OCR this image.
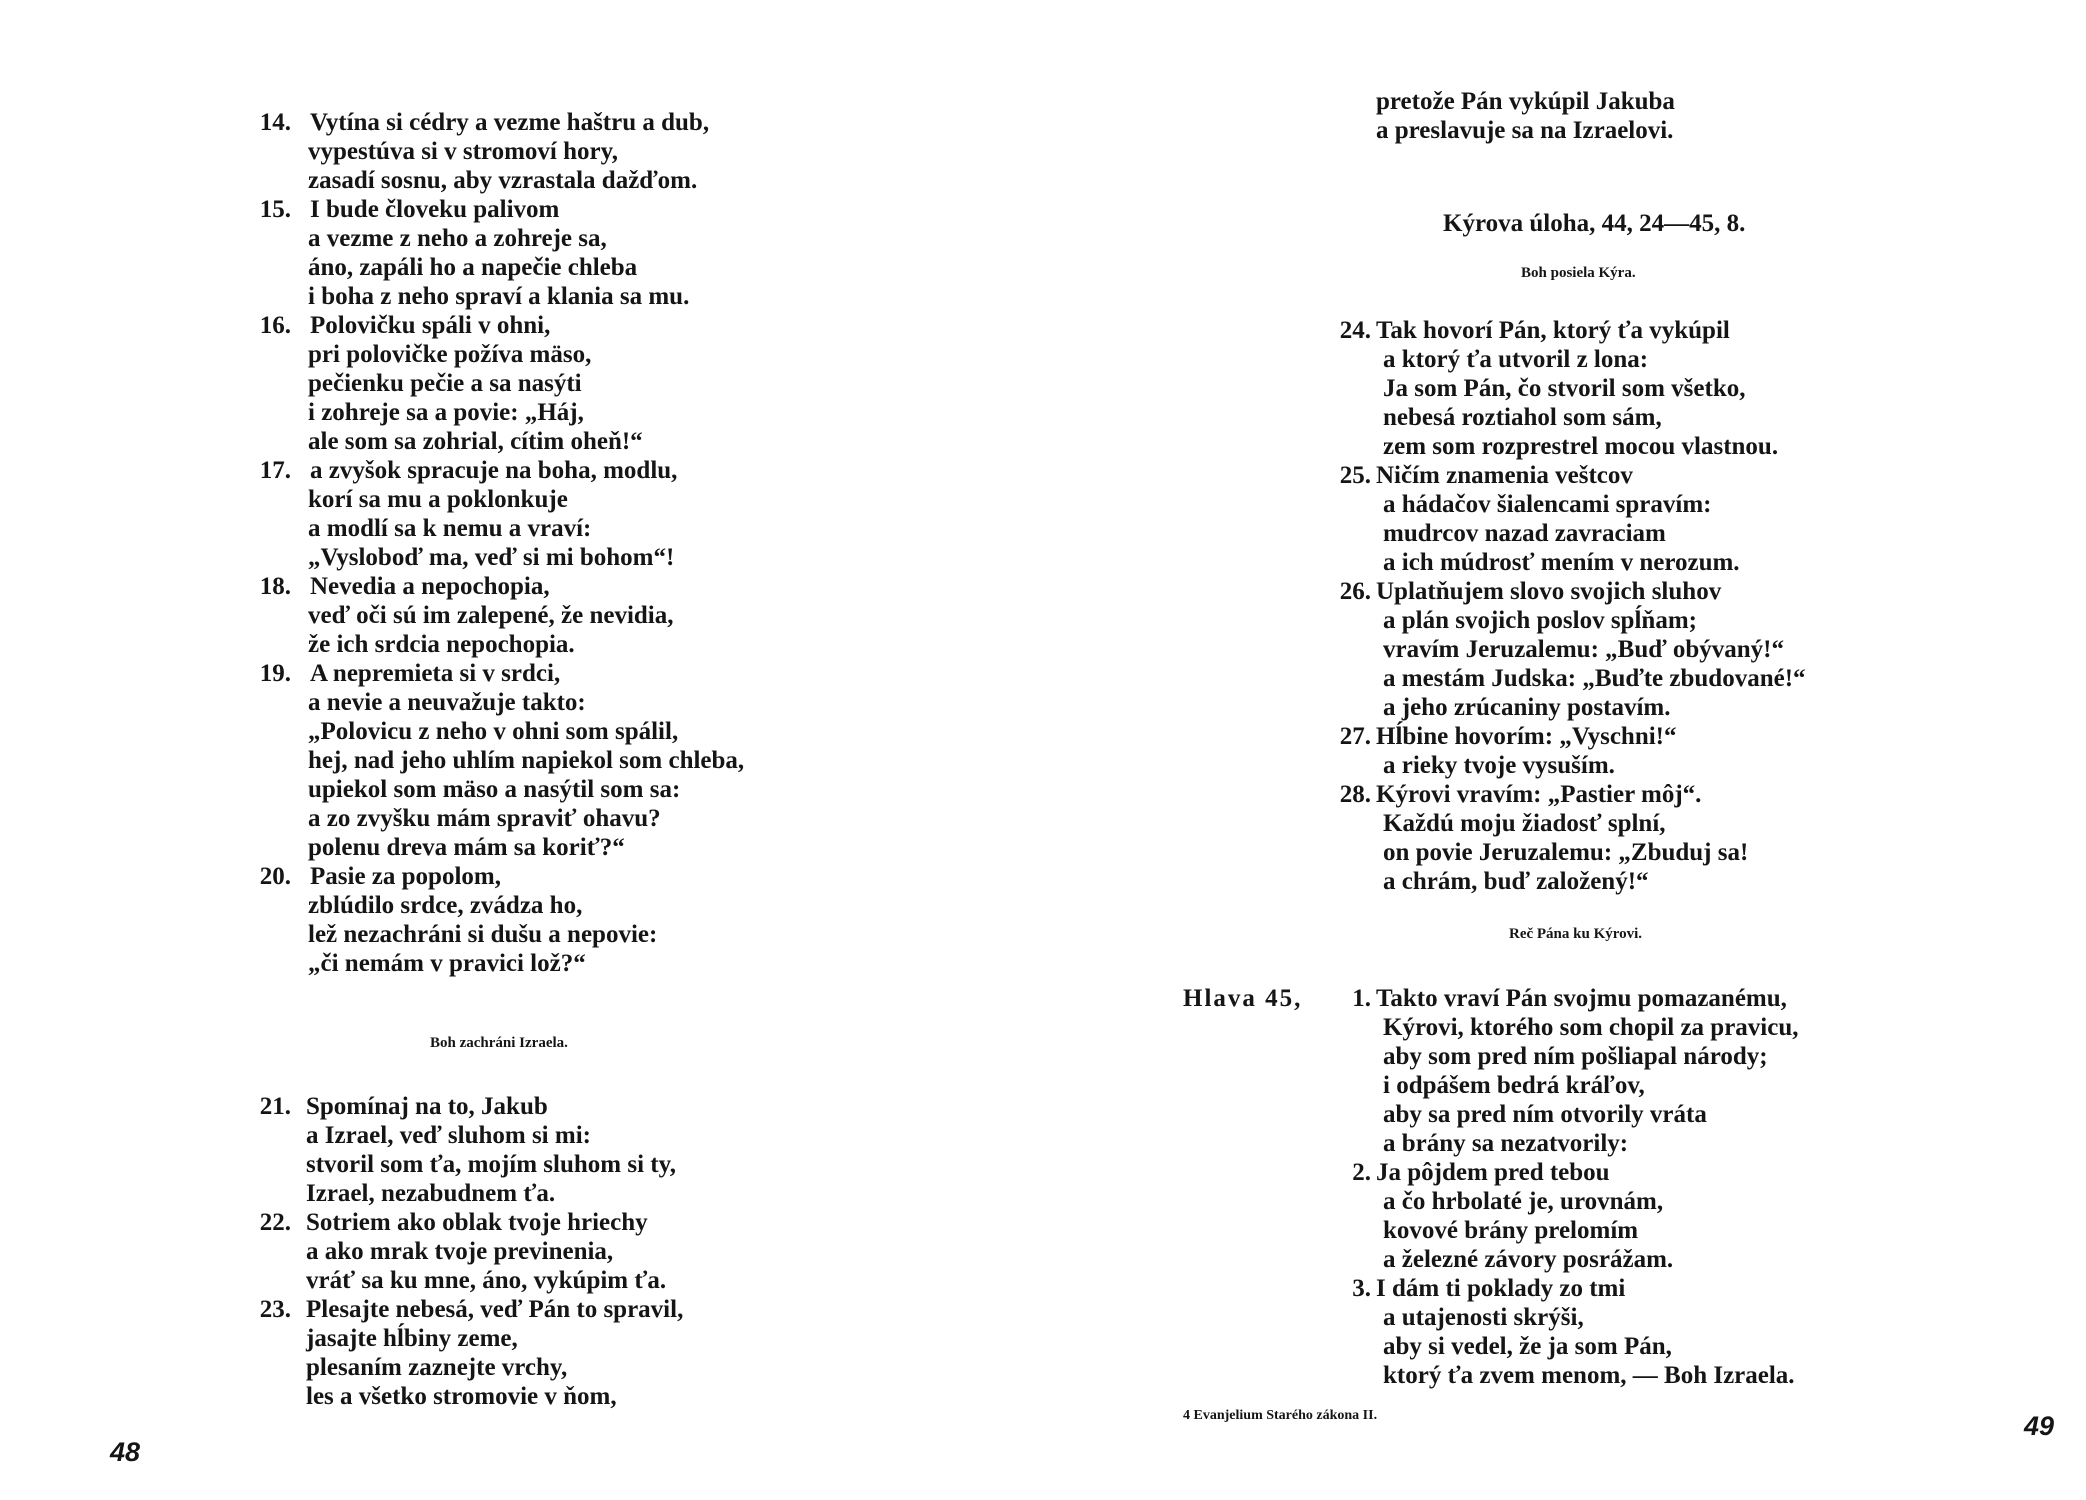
14. Vytína si cédry a vezme haštru a dub,
vypestúva si v stromoví hory,
zasadí sosnu, aby vzrastala dažďom.
15. I bude človeku palivom
a vezme z neho a zohreje sa,
áno, zapáli ho a napečie chleba
i boha z neho spraví a klania sa mu.
16. Polovičku spáli v ohni,
pri polovičke požíva mäso,
pečienku pečie a sa nasýti
i zohreje sa a povie: „Háj,
ale som sa zohrial, cítim oheň!“
17. a zvyšok spracuje na boha, modlu,
korí sa mu a poklonkuje
a modlí sa k nemu a vraví:
„Vysloboď ma, veď si mi bohom“!
18. Nevedia a nepochopia,
veď oči sú im zalepené, že nevidia,
že ich srdcia nepochopia.
19. A nepremieta si v srdci,
a nevie a neuvažuje takto:
„Polovicu z neho v ohni som spálil,
hej, nad jeho uhlím napiekol som chleba,
upiekol som mäso a nasýtil som sa:
a zo zvyšku mám spraviť ohavu?
polenu dreva mám sa koriť?“
20. Pasie za popolom,
zblúdilo srdce, zvádza ho,
lež nezachráni si dušu a nepovie:
„či nemám v pravici lož?“
Boh zachráni Izraela.
21. Spomínaj na to, Jakub
a Izrael, veď sluhom si mi:
stvoril som ťa, mojím sluhom si ty,
Izrael, nezabudnem ťa.
22. Sotriem ako oblak tvoje hriechy
a ako mrak tvoje previnenia,
vráť sa ku mne, áno, vykúpim ťa.
23. Plesajte nebesá, veď Pán to spravil,
jasajte hĺbiny zeme,
plesaním zaznejte vrchy,
les a všetko stromovie v ňom,
48
pretože Pán vykúpil Jakuba
a preslavuje sa na Izraelovi.
Kýrova úloha, 44, 24—45, 8.
Boh posiela Kýra.
24. Tak hovorí Pán, ktorý ťa vykúpil
a ktorý ťa utvoril z lona:
Ja som Pán, čo stvoril som všetko,
nebesá roztiahol som sám,
zem som rozprestrel mocou vlastnou.
25. Ničím znamenia veštcov
a hádačov šialencami spravím:
mudrcov nazad zavraciam
a ich múdrosť mením v nerozum.
26. Uplatňujem slovo svojich sluhov
a plán svojich poslov spĺňam;
vravím Jeruzalemu: „Buď obývaný!“
a mestám Judska: „Buďte zbudované!“
a jeho zrúcaniny postavím.
27. Hĺbine hovorím: „Vyschni!“
a rieky tvoje vysuším.
28. Kýrovi vravím: „Pastier môj“.
Každú moju žiadosť splní,
on povie Jeruzalemu: „Zbuduj sa!
a chrám, buď založený!“
Reč Pána ku Kýrovi.
Hlava 45,	1. Takto vraví Pán svojmu pomazanému,
Kýrovi, ktorého som chopil za pravicu,
aby som pred ním pošliapal národy;
i odpášem bedrá kráľov,
aby sa pred ním otvorily vráta
a brány sa nezatvorily:
2. Ja pôjdem pred tebou
a čo hrbolaté je, urovnám,
kovové brány prelomím
a železné závory posrážam.
3. I dám ti poklady zo tmi
a utajenosti skrýši,
aby si vedel, že ja som Pán,
ktorý ťa zvem menom, — Boh Izraela.
4 Evanjelium Starého zákona II.	49
